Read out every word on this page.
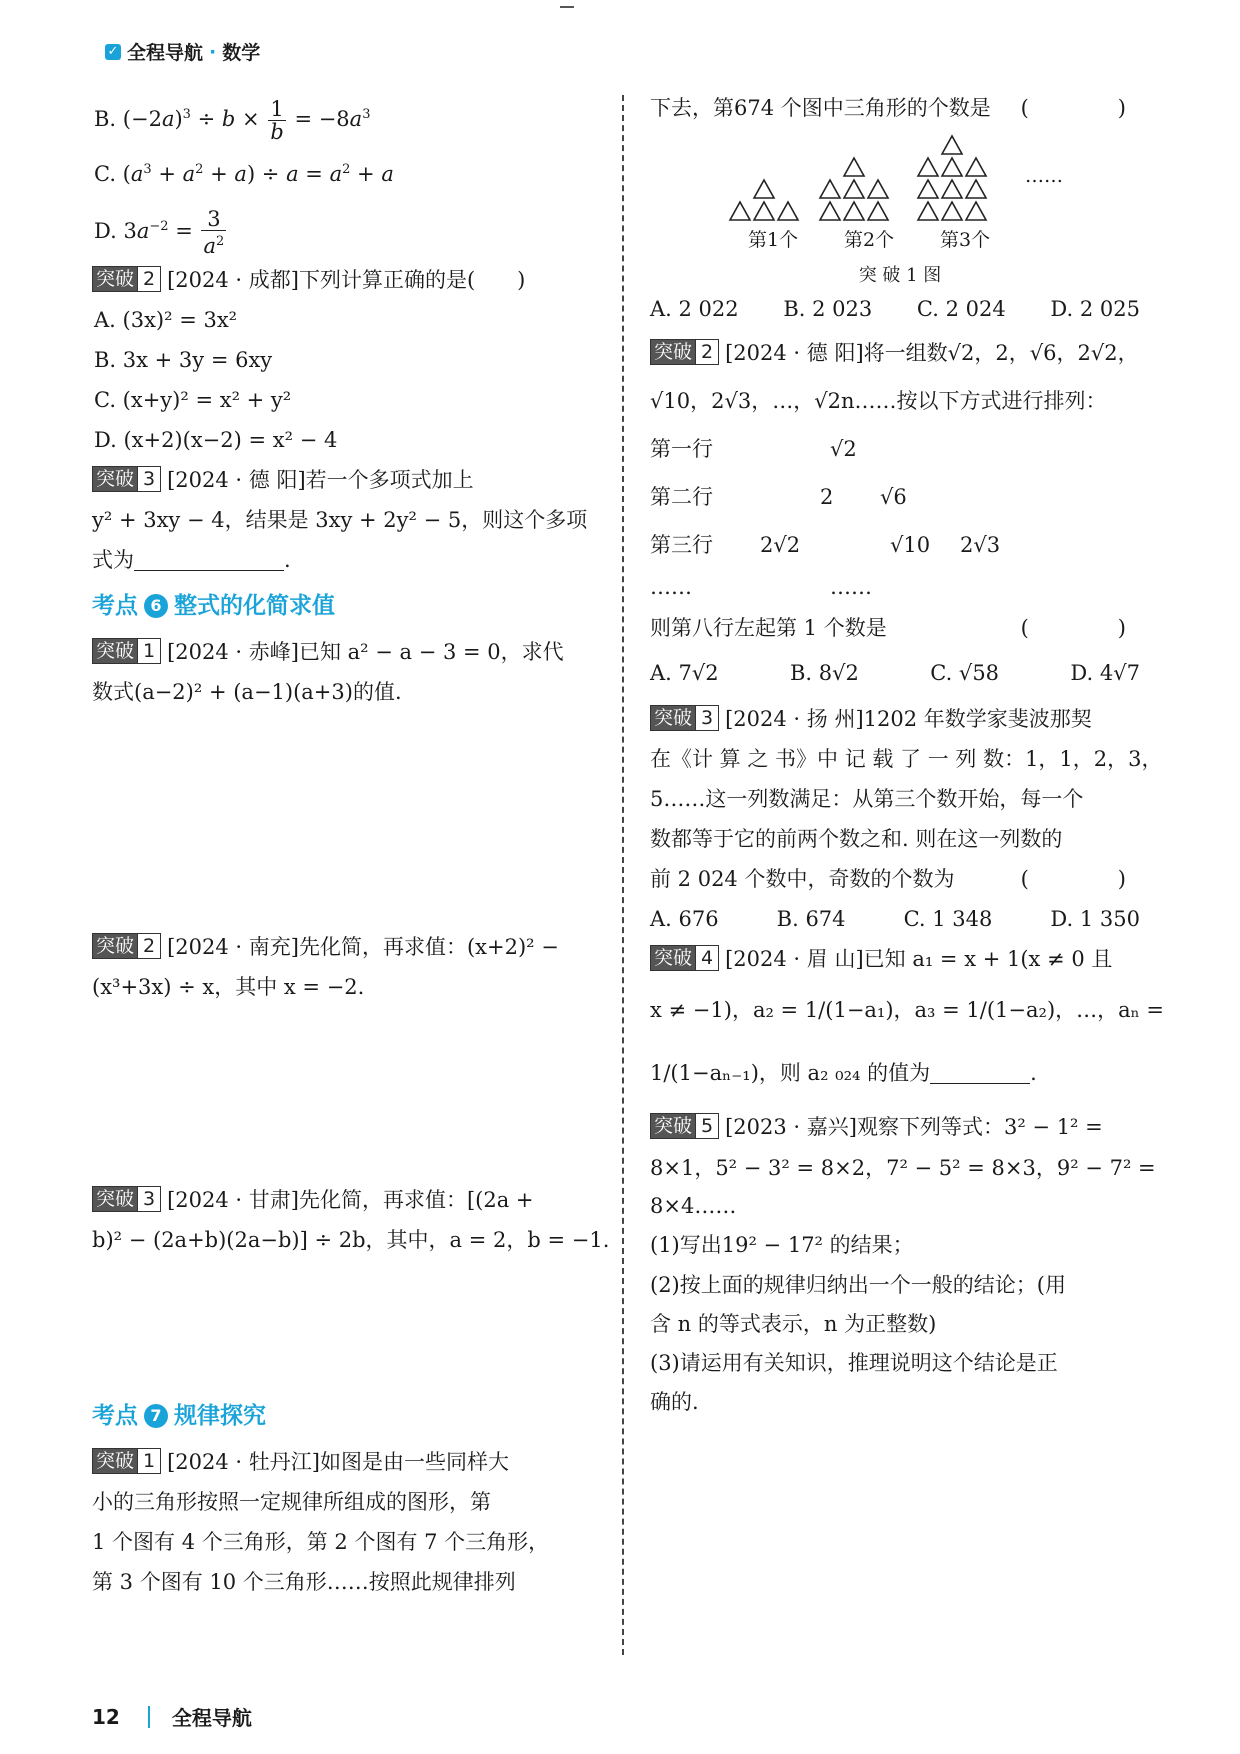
✓ 全程导航 · 数学
B. $(-2a)^3 \div b \times \frac{1}{b} = -8a^3$
C. $(a^3 + a^2 + a) \div a = a^2 + a$
D. $3a^{-2} = \frac{3}{a^2}$
突破 2 [2024 · 成都]下列计算正确的是(　　)
A. (3x)² = 3x²
B. 3x + 3y = 6xy
C. (x+y)² = x² + y²
D. (x+2)(x−2) = x² − 4
突破 3 [2024 · 德 阳]若一个多项式加上
y² + 3xy − 4，结果是 3xy + 2y² − 5，则这个多项
式为	.
考点 6 整式的化简求值
突破 1 [2024 · 赤峰]已知 a² − a − 3 = 0，求代
数式(a−2)² + (a−1)(a+3)的值.
突破 2 [2024 · 南充]先化简，再求值：(x+2)² −
(x³+3x) ÷ x，其中 x = −2.
突破 3 [2024 · 甘肃]先化简，再求值：[(2a +
b)² − (2a+b)(2a−b)] ÷ 2b，其中，a = 2，b = −1.
考点 7 规律探究
突破 1 [2024 · 牡丹江]如图是由一些同样大
小的三角形按照一定规律所组成的图形，第
1 个图有 4 个三角形，第 2 个图有 7 个三角形，
第 3 个图有 10 个三角形……按照此规律排列
下去，第674 个图中三角形的个数是 (　)
第1个 第2个 第3个
……
突 破 1 图
A. 2 022 B. 2 023 C. 2 024 D. 2 025
突破 2 [2024 · 德 阳]将一组数√2，2，√6，2√2，
√10，2√3，…，√2n……按以下方式进行排列：
第一行	√2
第二行	2	√6
第三行	2√2	√10	2√3
……	……
则第八行左起第 1 个数是	(　)
A. 7√2	B. 8√2	C. √58	D. 4√7
突破 3 [2024 · 扬 州]1202 年数学家斐波那契
在《计 算 之 书》中 记 载 了 一 列 数：1，1，2，3，
5……这一列数满足：从第三个数开始，每一个
数都等于它的前两个数之和. 则在这一列数的
前 2 024 个数中，奇数的个数为	(　)
A. 676	B. 674	C. 1 348	D. 1 350
突破 4 [2024 · 眉 山]已知 a₁ = x + 1(x ≠ 0 且
x ≠ −1)，a₂ = 1/(1−a₁)，a₃ = 1/(1−a₂)，…，aₙ =
1/(1−aₙ₋₁)，则 a₂ ₀₂₄ 的值为	.
突破 5 [2023 · 嘉兴]观察下列等式：3² − 1² =
8×1，5² − 3² = 8×2，7² − 5² = 8×3，9² − 7² =
8×4……
(1)写出19² − 17² 的结果；
(2)按上面的规律归纳出一个一般的结论；(用
含 n 的等式表示，n 为正整数)
(3)请运用有关知识，推理说明这个结论是正
确的.
12	全程导航
